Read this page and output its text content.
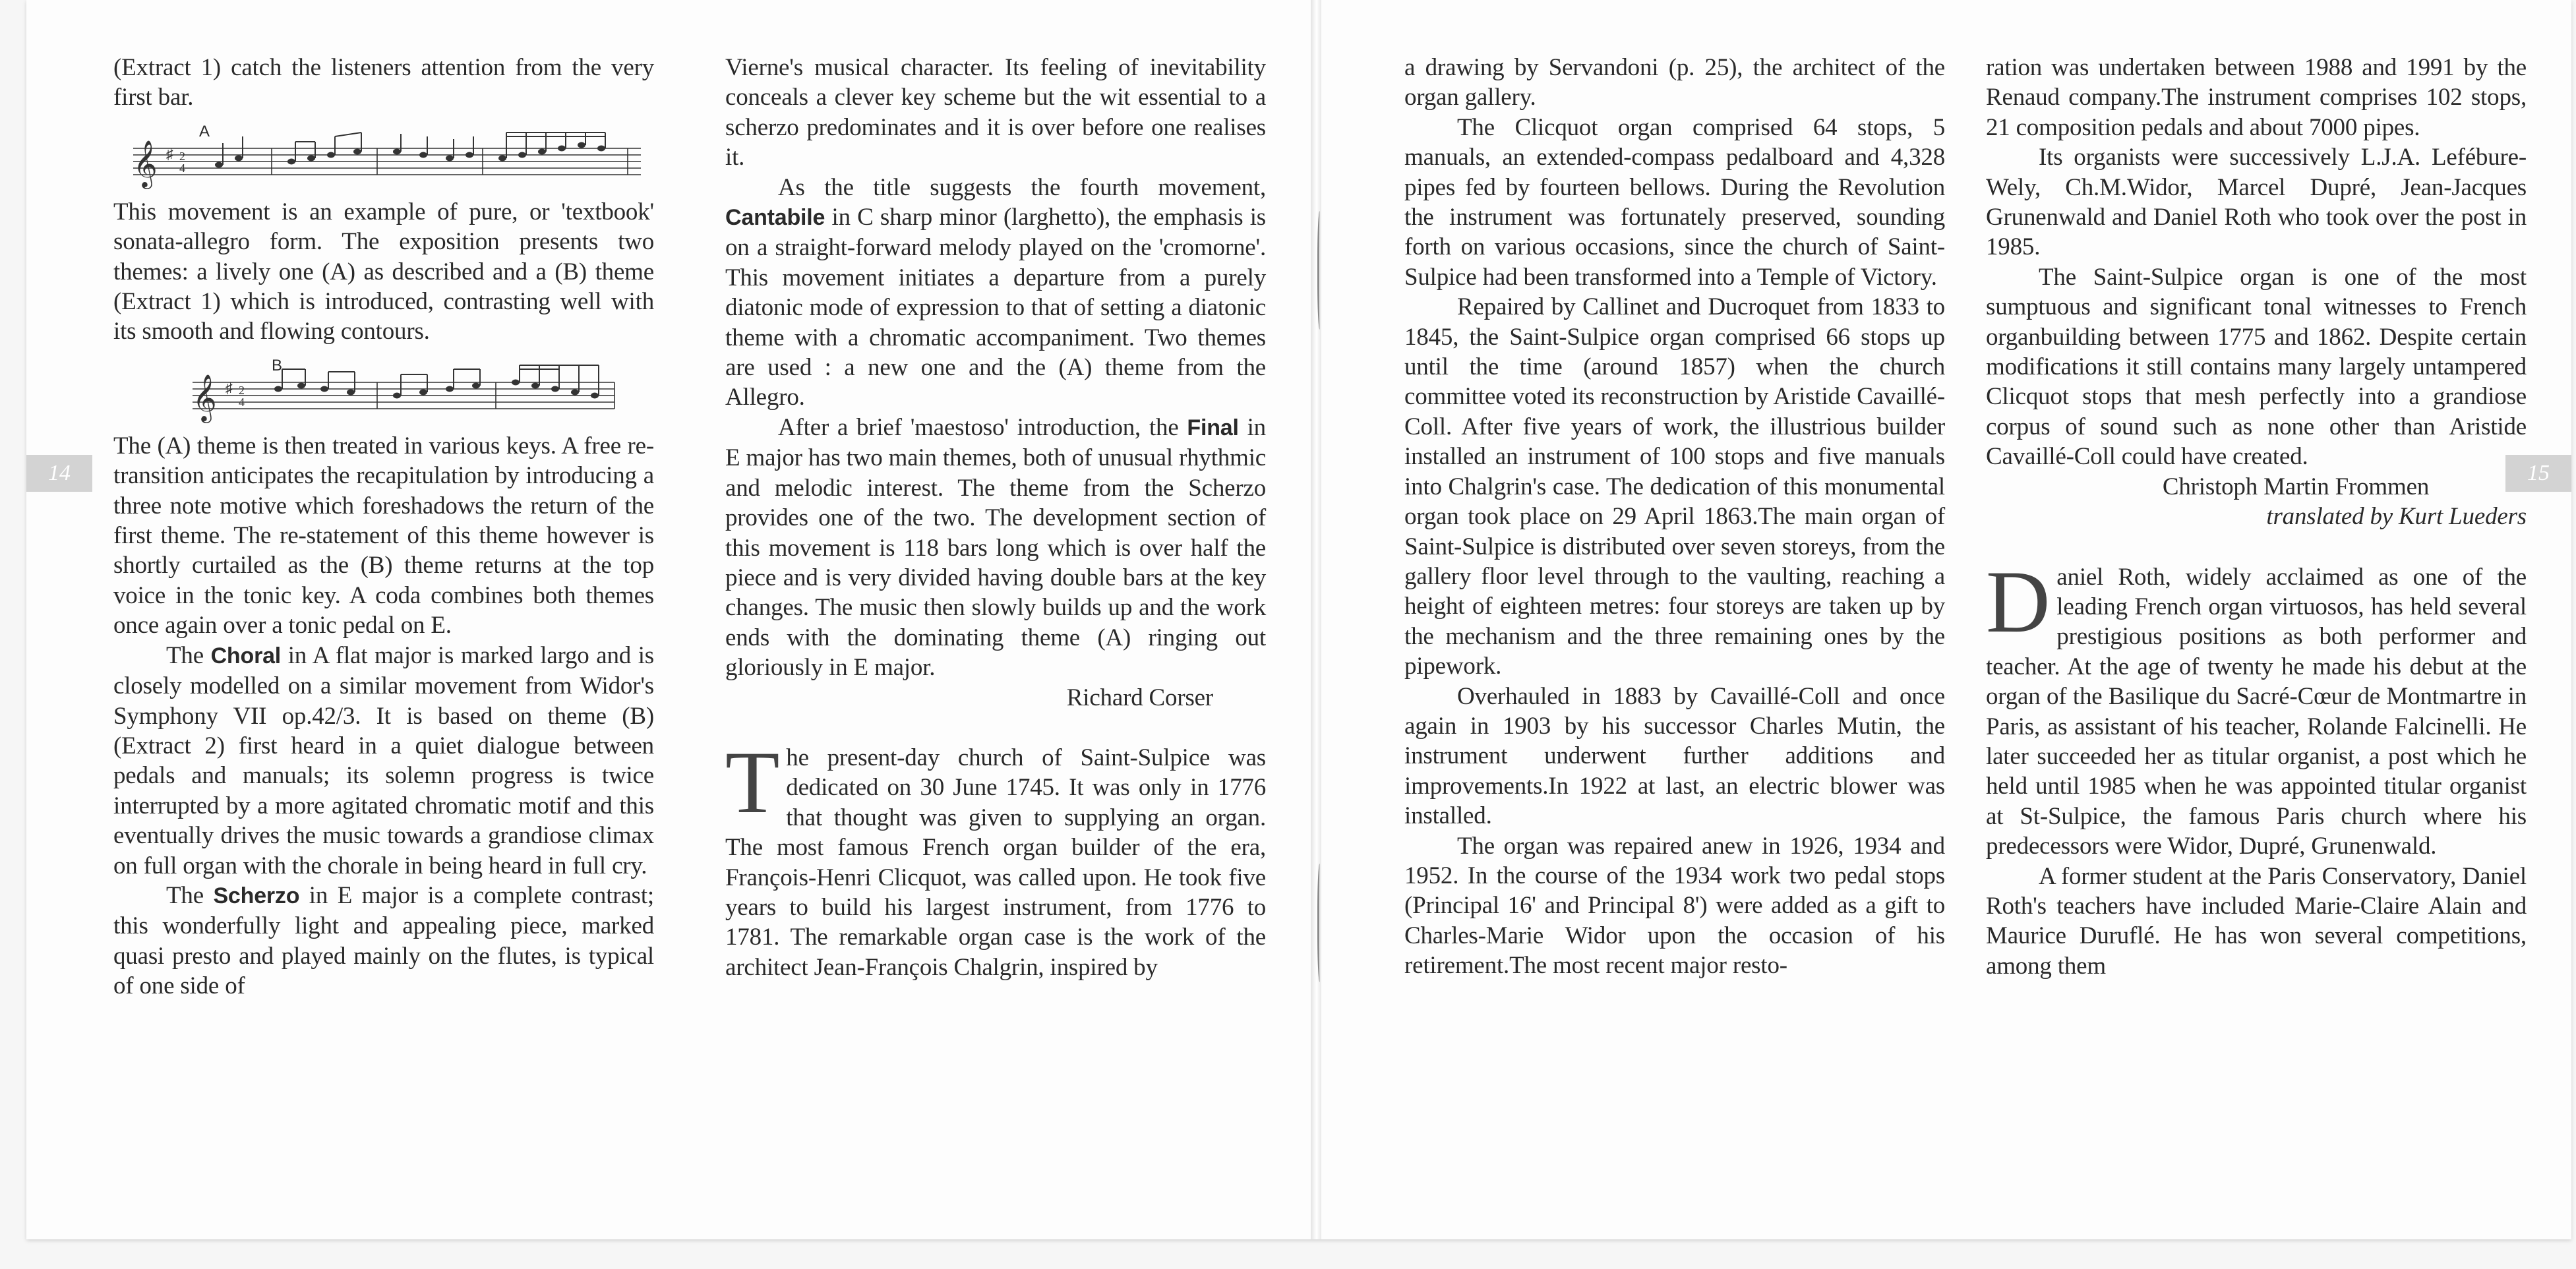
(Extract 1) catch the listeners attention from the very first bar.

A
𝄞 ♯ 2
4

This movement is an example of pure, or 'textbook' sonata-allegro form. The exposition presents two themes: a lively one (A) as described and a (B) theme (Extract 1) which is introduced, contrasting well with its smooth and flowing contours.

B
𝄞 ♯ 2
4

The (A) theme is then treated in various keys. A free re-transition anticipates the recapitulation by introducing a three note motive which foreshadows the return of the first theme. The re-statement of this theme however is shortly curtailed as the (B) theme returns at the top voice in the tonic key. A coda combines both themes once again over a tonic pedal on E.

The Choral in A flat major is marked largo and is closely modelled on a similar movement from Widor's Symphony VII op.42/3. It is based on theme (B) (Extract 2) first heard in a quiet dialogue between pedals and manuals; its solemn progress is twice interrupted by a more agitated chromatic motif and this eventually drives the music towards a grandiose climax on full organ with the chorale in being heard in full cry.

The Scherzo in E major is a complete contrast; this wonderfully light and appealing piece, marked quasi presto and played mainly on the flutes, is typical of one side of

Vierne's musical character. Its feeling of inevitability conceals a clever key scheme but the wit essential to a scherzo predominates and it is over before one realises it.

As the title suggests the fourth movement, Cantabile in C sharp minor (larghetto), the emphasis is on a straight-forward melody played on the 'cromorne'. This movement initiates a departure from a purely diatonic mode of expression to that of setting a diatonic theme with a chromatic accompaniment. Two themes are used : a new one and the (A) theme from the Allegro.

After a brief 'maestoso' introduction, the Final in E major has two main themes, both of unusual rhythmic and melodic interest. The theme from the Scherzo provides one of the two. The development section of this movement is 118 bars long which is over half the piece and is very divided having double bars at the key changes. The music then slowly builds up and the work ends with the dominating theme (A) ringing out gloriously in E major.

Richard Corser

The present-day church of Saint-Sulpice was dedicated on 30 June 1745. It was only in 1776 that thought was given to supplying an organ. The most famous French organ builder of the era, François-Henri Clicquot, was called upon. He took five years to build his largest instrument, from 1776 to 1781. The remarkable organ case is the work of the architect Jean-François Chalgrin, inspired by

a drawing by Servandoni (p. 25), the architect of the organ gallery.

The Clicquot organ comprised 64 stops, 5 manuals, an extended-compass pedalboard and 4,328 pipes fed by fourteen bellows. During the Revolution the instrument was fortunately preserved, sounding forth on various occasions, since the church of Saint-Sulpice had been transformed into a Temple of Victory.

Repaired by Callinet and Ducroquet from 1833 to 1845, the Saint-Sulpice organ comprised 66 stops up until the time (around 1857) when the church committee voted its reconstruction by Aristide Cavaillé-Coll. After five years of work, the illustrious builder installed an instrument of 100 stops and five manuals into Chalgrin's case. The dedication of this monumental organ took place on 29 April 1863.The main organ of Saint-Sulpice is distributed over seven storeys, from the gallery floor level through to the vaulting, reaching a height of eighteen metres: four storeys are taken up by the mechanism and the three remaining ones by the pipework.

Overhauled in 1883 by Cavaillé-Coll and once again in 1903 by his successor Charles Mutin, the instrument underwent further additions and improvements.In 1922 at last, an electric blower was installed.

The organ was repaired anew in 1926, 1934 and 1952. In the course of the 1934 work two pedal stops (Principal 16' and Principal 8') were added as a gift to Charles-Marie Widor upon the occasion of his retirement.The most recent major resto-

ration was undertaken between 1988 and 1991 by the Renaud company.The instrument comprises 102 stops, 21 composition pedals and about 7000 pipes.

Its organists were successively L.J.A. Lefébure-Wely, Ch.M.Widor, Marcel Dupré, Jean-Jacques Grunenwald and Daniel Roth who took over the post in 1985.

The Saint-Sulpice organ is one of the most sumptuous and significant tonal witnesses to French organbuilding between 1775 and 1862. Despite certain modifications it still contains many largely untampered Clicquot stops that mesh perfectly into a grandiose corpus of sound such as none other than Aristide Cavaillé-Coll could have created.

Christoph Martin Frommen

translated by Kurt Lueders

Daniel Roth, widely acclaimed as one of the leading French organ virtuosos, has held several prestigious positions as both performer and teacher. At the age of twenty he made his debut at the organ of the Basilique du Sacré-Cœur de Montmartre in Paris, as assistant of his teacher, Rolande Falcinelli. He later succeeded her as titular organist, a post which he held until 1985 when he was appointed titular organist at St-Sulpice, the famous Paris church where his predecessors were Widor, Dupré, Grunenwald.

A former student at the Paris Conservatory, Daniel Roth's teachers have included Marie-Claire Alain and Maurice Duruflé. He has won several competitions, among them

14	15
